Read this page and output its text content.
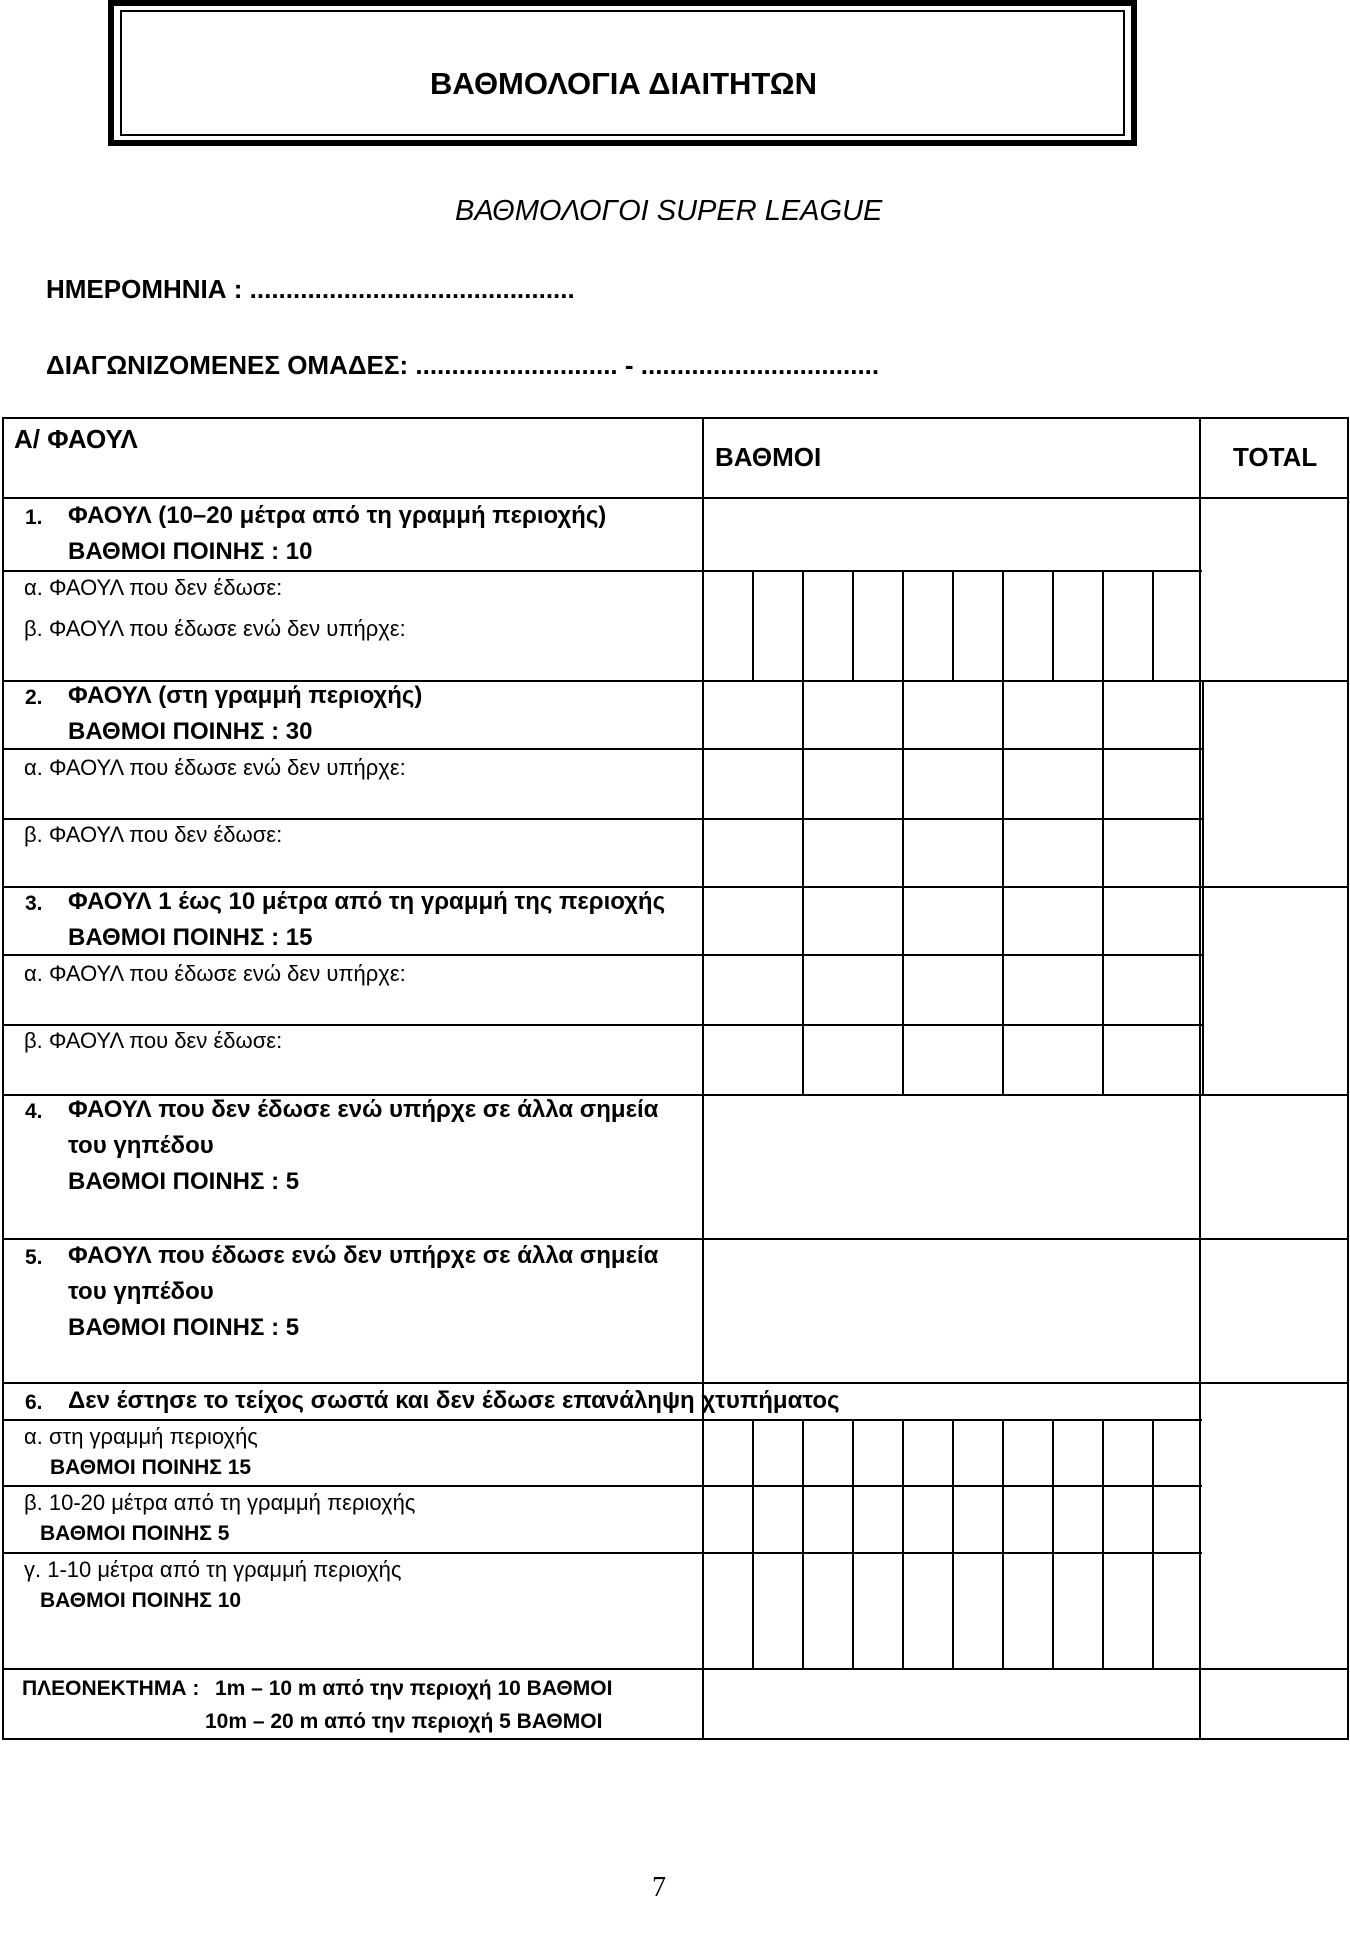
ΒΑΘΜΟΛΟΓΙΑ ΔΙΑΙΤΗΤΩΝ
ΒΑΘΜΟΛΟΓΟΙ SUPER LEAGUE
ΗΜΕΡΟΜΗΝΙΑ : .............................................
ΔΙΑΓΩΝΙΖΟΜΕΝΕΣ ΟΜΑΔΕΣ: ............................ - .................................
Α/ ΦΑΟΥΛ
ΒΑΘΜΟΙ	TOTAL
1. ΦΑΟΥΛ (10–20 μέτρα από τη γραμμή περιοχής)
ΒΑΘΜΟΙ ΠΟΙΝΗΣ : 10
α. ΦΑΟΥΛ που δεν έδωσε:
β. ΦΑΟΥΛ που έδωσε ενώ δεν υπήρχε:
2. ΦΑΟΥΛ (στη γραμμή περιοχής)
ΒΑΘΜΟΙ ΠΟΙΝΗΣ : 30
α. ΦΑΟΥΛ που έδωσε ενώ δεν υπήρχε:
β. ΦΑΟΥΛ που δεν έδωσε:
3. ΦΑΟΥΛ 1 έως 10 μέτρα από τη γραμμή της περιοχής
ΒΑΘΜΟΙ ΠΟΙΝΗΣ : 15
α. ΦΑΟΥΛ που έδωσε ενώ δεν υπήρχε:
β. ΦΑΟΥΛ που δεν έδωσε:
4. ΦΑΟΥΛ που δεν έδωσε ενώ υπήρχε σε άλλα σημεία
του γηπέδου
ΒΑΘΜΟΙ ΠΟΙΝΗΣ : 5
5. ΦΑΟΥΛ που έδωσε ενώ δεν υπήρχε σε άλλα σημεία
του γηπέδου
ΒΑΘΜΟΙ ΠΟΙΝΗΣ : 5
6. Δεν έστησε το τείχος σωστά και δεν έδωσε επανάληψη χτυπήματος
α. στη γραμμή περιοχής
ΒΑΘΜΟΙ ΠΟΙΝΗΣ 15
β. 10-20 μέτρα από τη γραμμή περιοχής
ΒΑΘΜΟΙ ΠΟΙΝΗΣ 5
γ. 1-10 μέτρα από τη γραμμή περιοχής
ΒΑΘΜΟΙ ΠΟΙΝΗΣ 10
ΠΛΕΟΝΕΚΤΗΜΑ : 1m – 10 m από την περιοχή 10 ΒΑΘΜΟΙ
10m – 20 m από την περιοχή 5 ΒΑΘΜΟΙ
7
